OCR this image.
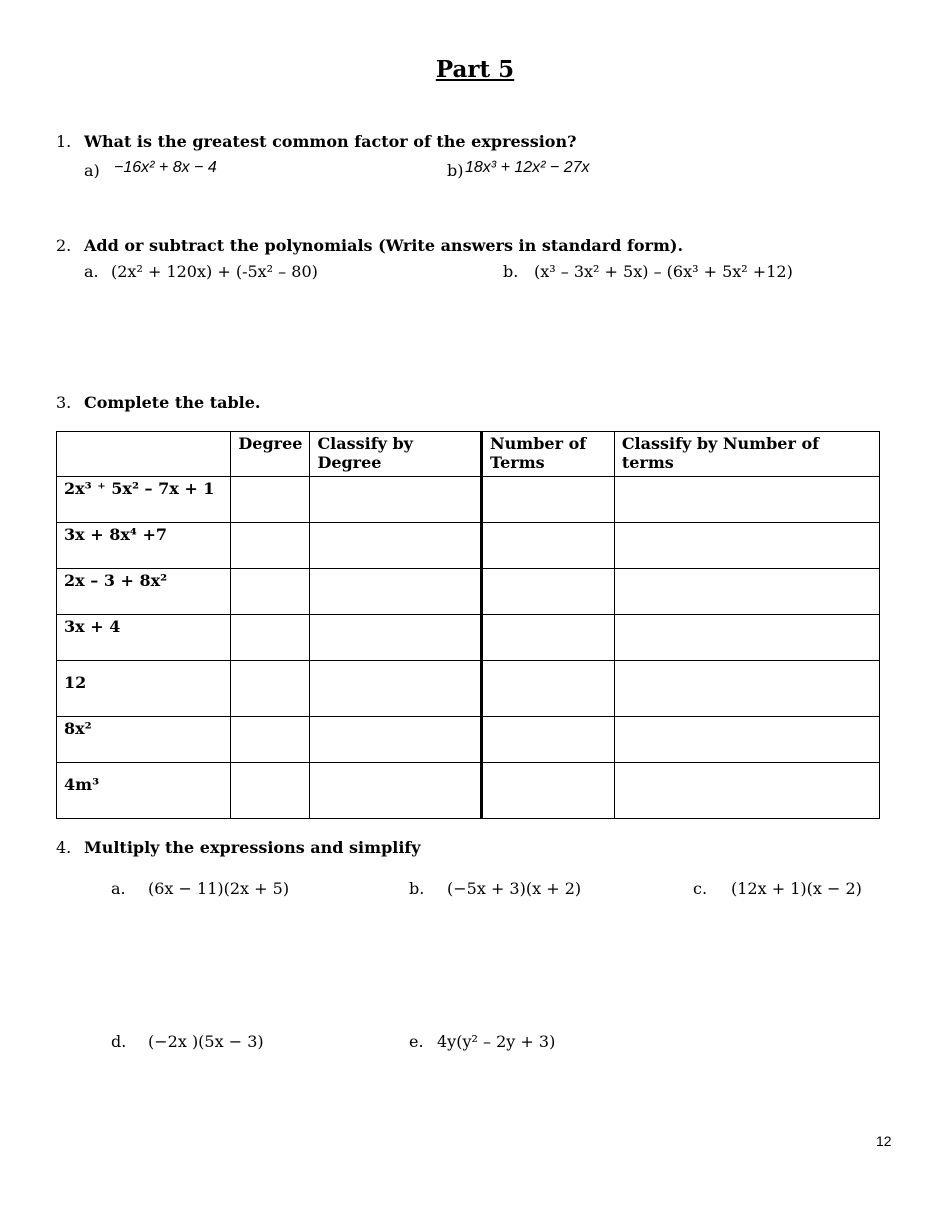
Part 5
1. What is the greatest common factor of the expression?
a) −16x² + 8x − 4	b) 18x³ + 12x² − 27x
2. Add or subtract the polynomials (Write answers in standard form).
a. (2x² + 120x) + (-5x² – 80)	b. (x³ – 3x² + 5x) – (6x³ + 5x² +12)
3. Complete the table.
	Degree	Classify by Degree	Number of Terms	Classify by Number of terms
2x³ ⁺ 5x² – 7x + 1				
3x + 8x⁴ +7				
2x – 3 + 8x²				
3x + 4				
12				
8x²				
4m³				
4. Multiply the expressions and simplify
a. (6x − 11)(2x + 5)	b. (−5x + 3)(x + 2)	c. (12x + 1)(x − 2)
d. (−2x )(5x − 3)	e. 4y(y² – 2y + 3)
12
